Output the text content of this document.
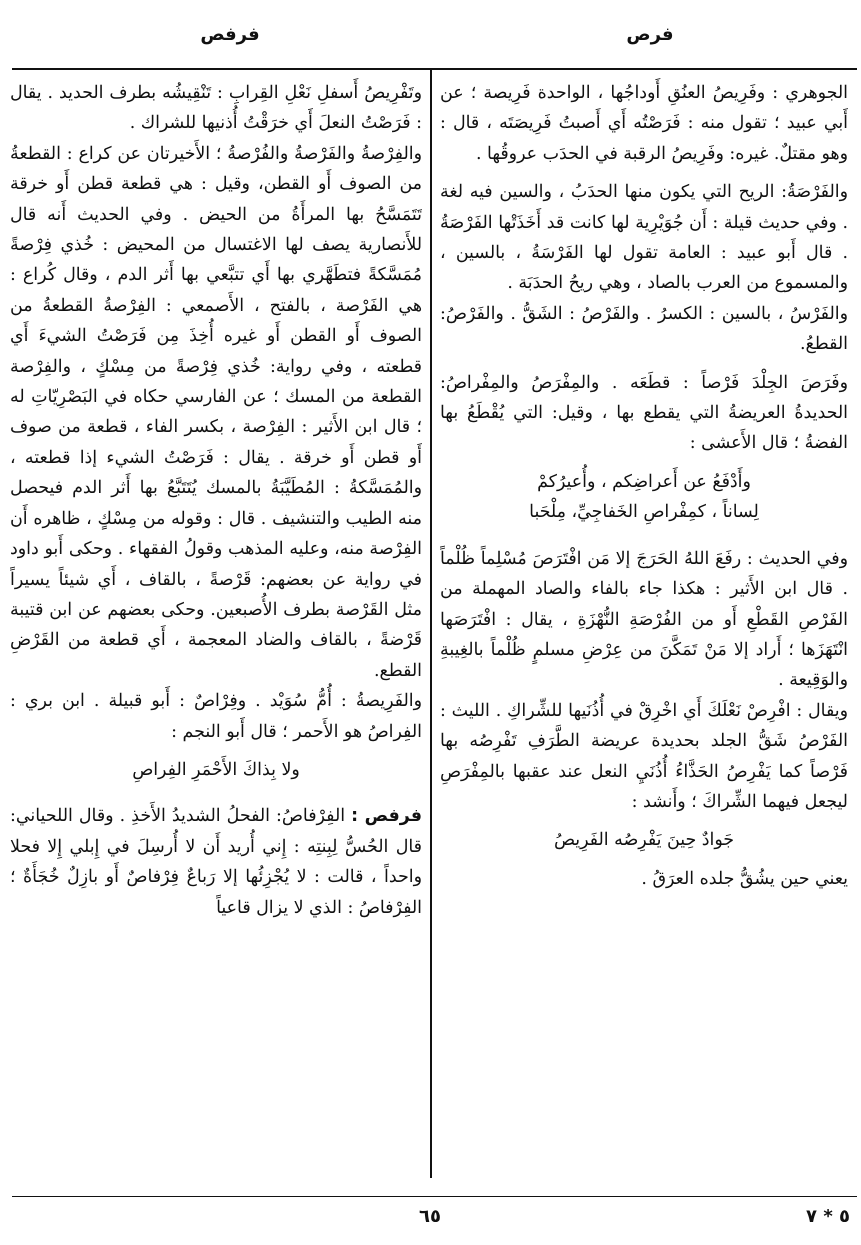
فرص
فرفص

الجوهري : وفَرِيصُ العنُقِ أَوداجُها ، الواحدة فَرِيصة ؛ عن أَبي عبيد ؛ تقول منه : فَرَصْتُه أَي أَصبتُ فَرِيصَتَه ، قال : وهو مقتلٌ. غيره: وفَرِيصُ الرقبة في الحدَب عروقُها .

والفَرْصَةُ: الريح التي يكون منها الحدَبُ ، والسين فيه لغة . وفي حديث قيلة : أَن جُوَيْرِية لها كانت قد أَخَذَتْها الفَرْصَةُ . قال أَبو عبيد : العامة تقول لها الفَرْسَةُ ، بالسين ، والمسموع من العرب بالصاد ، وهي ريحُ الحدَبَة .

والفَرْسُ ، بالسين : الكسرُ . والفَرْصُ : الشَقُّ . والفَرْصُ: القطعُ.

وفَرَصَ الجِلْدَ فَرْصاً : قطَعَه . والمِفْرَصُ والمِفْراصُ: الحديدةُ العريضةُ التي يقطع بها ، وقيل: التي يُقْطَعُ بها الفضةُ ؛ قال الأَعشى :

وأَدْفَعُ عن أَعراضِكم ، وأُعيرُكمْ
لِساناً ، كمِفْراصِ الخَفاجِيِّ، مِلْحَبا

وفي الحديث : رفَعَ اللهُ الحَرَجَ إلا مَن افْتَرَصَ مُسْلِماً ظُلْماً . قال ابن الأَثير : هكذا جاء بالفاء والصاد المهملة من الفَرْصِ القَطْعِ أَو من الفُرْصَةِ النُّهْزَةِ ، يقال : افْتَرَصَها انْتَهَزَها ؛ أَراد إلا مَنْ تَمَكَّنَ من عِرْضِ مسلمٍ ظُلْماً بالغِيبةِ والوَقِيعة .

ويقال : افْرِصْ نَعْلَكَ أَي اخْرِقْ في أُذُنَيها للشِّراكِ . الليث : الفَرْصُ شَقُّ الجلد بحديدة عريضة الطَّرَفِ تَفْرِصُه بها فَرْصاً كما يَفْرِصُ الحَذَّاءُ أُذُنَيِ النعل عند عقبها بالمِفْرَصِ ليجعل فيهما الشِّراكَ ؛ وأَنشد :

جَوادٌ حِينَ يَفْرِصُه الفَرِيصُ

يعني حين يشُقُّ جلده العرَقُ .

وتَفْرِيصُ أَسفلِ نَعْلِ القِرابِ : تَنْقِيشُه بطرف الحديد . يقال : فَرَصْتُ النعلَ أَي خرَقْتُ أُذنيها للشراك .

والفِرْصةُ والفَرْصةُ والفُرْصةُ ؛ الأَخيرتان عن كراع : القطعةُ من الصوف أَو القطن، وقيل : هي قطعة قطن أَو خرقة تَتَمَسَّحُ بها المرأَةُ من الحيض . وفي الحديث أَنه قال للأَنصارية يصف لها الاغتسال من المحيض : خُذي فِرْصةً مُمَسَّكةً فتطَهَّري بها أَي تتبَّعي بها أَثر الدم ، وقال كُراع : هي الفَرْصة ، بالفتح ، الأَصمعي : الفِرْصةُ القطعةُ من الصوف أَو القطن أَو غيره أُخِذَ مِن فَرَصْتُ الشيءَ أَي قطعته ، وفي رواية: خُذي فِرْصةً من مِسْكٍ ، والفِرْصة القطعة من المسك ؛ عن الفارسي حكاه في البَصْرِيّاتِ له ؛ قال ابن الأَثير : الفِرْصة ، بكسر الفاء ، قطعة من صوف أَو قطن أَو خرقة . يقال : فَرَصْتُ الشيء إذا قطعته ، والمُمَسَّكةُ : المُطَيَّبَةُ بالمسك يُتَتَبَّعُ بها أَثر الدم فيحصل منه الطيب والتنشيف . قال : وقوله من مِسْكٍ ، ظاهره أَن الفِرْصة منه، وعليه المذهب وقولُ الفقهاء . وحكى أَبو داود في رواية عن بعضهم: قَرْصةً ، بالقاف ، أَي شيئاً يسيراً مثل القَرْصة بطرف الأُصبعين. وحكى بعضهم عن ابن قتيبة قَرْضةً ، بالقاف والضاد المعجمة ، أَي قطعة من القَرْضِ القطع.

والفَرِيصةُ : أُمُّ سُوَيْد . وفِرْاصٌ : أَبو قبيلة . ابن بري : الفِراصُ هو الأَحمر ؛ قال أَبو النجم :

ولا بِذاكَ الأَحْمَرِ الفِراصِ

فرفص : الفِرْفاصُ: الفحلُ الشديدُ الأَخذِ . وقال اللحياني: قال الحُسُّ لِبِنتِه : إِني أُريد أَن لا أُرسِلَ في إِبلي إِلا فحلا واحداً ، قالت : لا يُجْزِئُها إلا رَباعٌ فِرْفاصٌ أَو بازِلٌ خُجَأَةٌ ؛ الفِرْفاصُ : الذي لا يزال قاعياً

٦٥	٥ * ٧
